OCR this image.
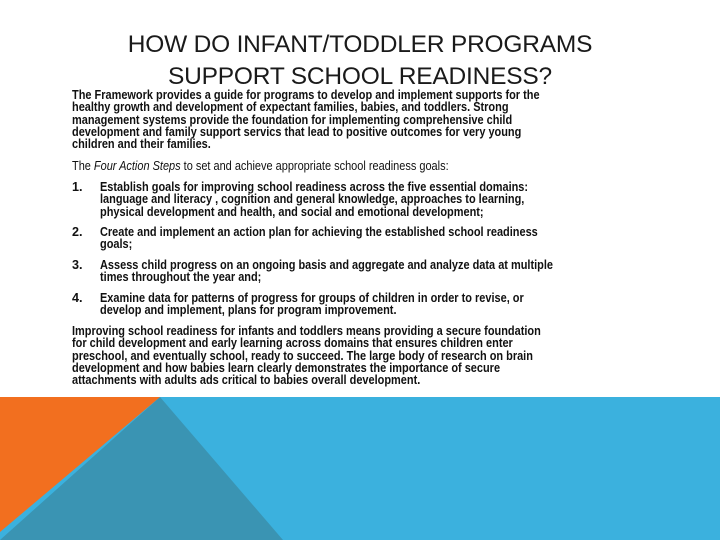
HOW DO INFANT/TODDLER PROGRAMS
SUPPORT SCHOOL READINESS?
The Framework provides a guide for programs to develop and implement supports for the
healthy growth and development of expectant families, babies, and toddlers. Strong
management systems provide the foundation for implementing comprehensive child
development and family support servics that lead to positive outcomes for very young
children and their families.
The Four Action Steps to set and achieve appropriate school readiness goals:
1. Establish goals for improving school readiness across the five essential domains:
language and literacy , cognition and general knowledge, approaches to learning,
physical development and health, and social and emotional development;
2. Create and implement an action plan for achieving the established school readiness
goals;
3. Assess child progress on an ongoing basis and aggregate and analyze data at multiple
times throughout the year and;
4. Examine data for patterns of progress for groups of children in order to revise, or
develop and implement, plans for program improvement.
Improving school readiness for infants and toddlers means providing a secure foundation
for child development and early learning across domains that ensures children enter
preschool, and eventually school, ready to succeed. The large body of research on brain
development and how babies learn clearly demonstrates the importance of secure
attachments with adults ads critical to babies overall development.
